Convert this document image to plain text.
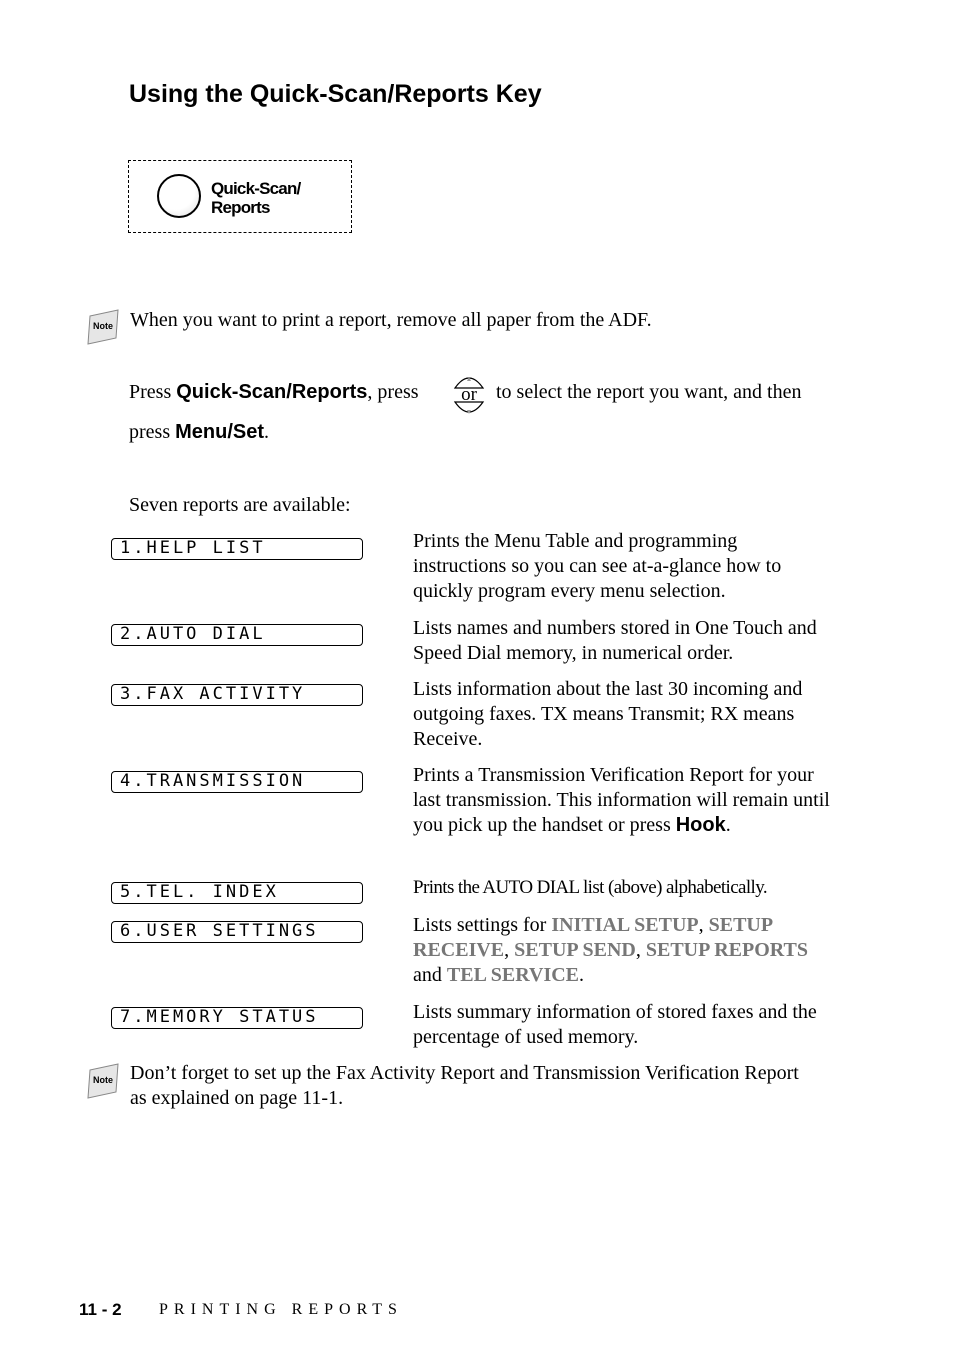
Using the Quick-Scan/Reports Key
Quick-Scan/
Reports
Note When you want to print a report, remove all paper from the ADF.
Press Quick-Scan/Reports, press or to select the report you want, and then
press Menu/Set.
Seven reports are available:
1.HELP LIST	Prints the Menu Table and programming instructions so you can see at-a-glance how to quickly program every menu selection.
2.AUTO DIAL	Lists names and numbers stored in One Touch and Speed Dial memory, in numerical order.
3.FAX ACTIVITY	Lists information about the last 30 incoming and outgoing faxes. TX means Transmit; RX means Receive.
4.TRANSMISSION	Prints a Transmission Verification Report for your last transmission. This information will remain until you pick up the handset or press Hook.
5.TEL. INDEX	Prints the AUTO DIAL list (above) alphabetically.
6.USER SETTINGS	Lists settings for INITIAL SETUP, SETUP RECEIVE, SETUP SEND, SETUP REPORTS and TEL SERVICE.
7.MEMORY STATUS	Lists summary information of stored faxes and the percentage of used memory.
Note Don’t forget to set up the Fax Activity Report and Transmission Verification Report as explained on page 11-1.
11 - 2 PRINTING REPORTS
